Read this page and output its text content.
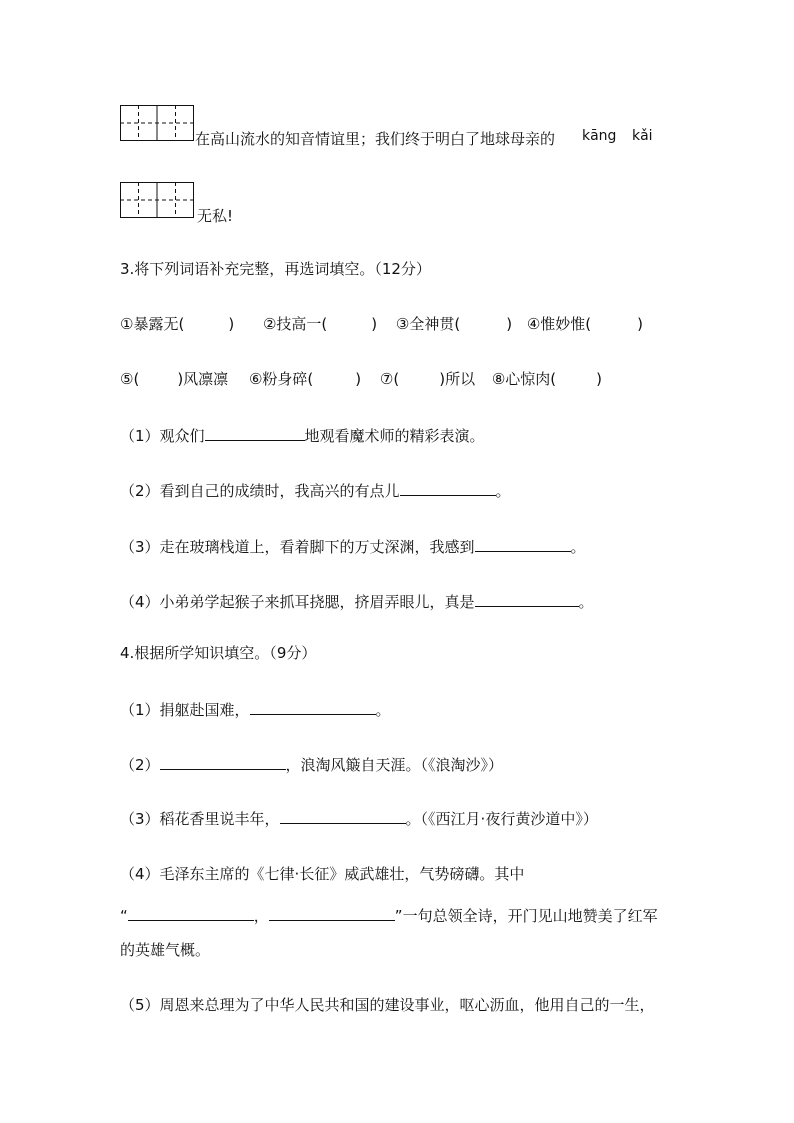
在高山流水的知音情谊里；我们终于明白了地球母亲的 kāng kǎi
无私!
3.将下列词语补充完整，再选词填空。（12分）
①暴露无(	) ②技高一(	) ③全神贯(	) ④惟妙惟(	)
⑤(	)风凛凛 ⑥粉身碎(	) ⑦(	)所以 ⑧心惊肉(	)
（1）观众们	地观看魔术师的精彩表演。
（2）看到自己的成绩时，我高兴的有点儿	。
（3）走在玻璃栈道上，看着脚下的万丈深渊，我感到	。
（4）小弟弟学起猴子来抓耳挠腮，挤眉弄眼儿，真是	。
4.根据所学知识填空。（9分）
（1）捐躯赴国难，	。
（2）	，浪淘风簸自天涯。（《浪淘沙》）
（3）稻花香里说丰年，	。（《西江月·夜行黄沙道中》）
（4）毛泽东主席的《七律·长征》威武雄壮，气势磅礴。其中
“	，	”一句总领全诗，开门见山地赞美了红军
的英雄气概。
（5）周恩来总理为了中华人民共和国的建设事业，呕心沥血，他用自己的一生，
